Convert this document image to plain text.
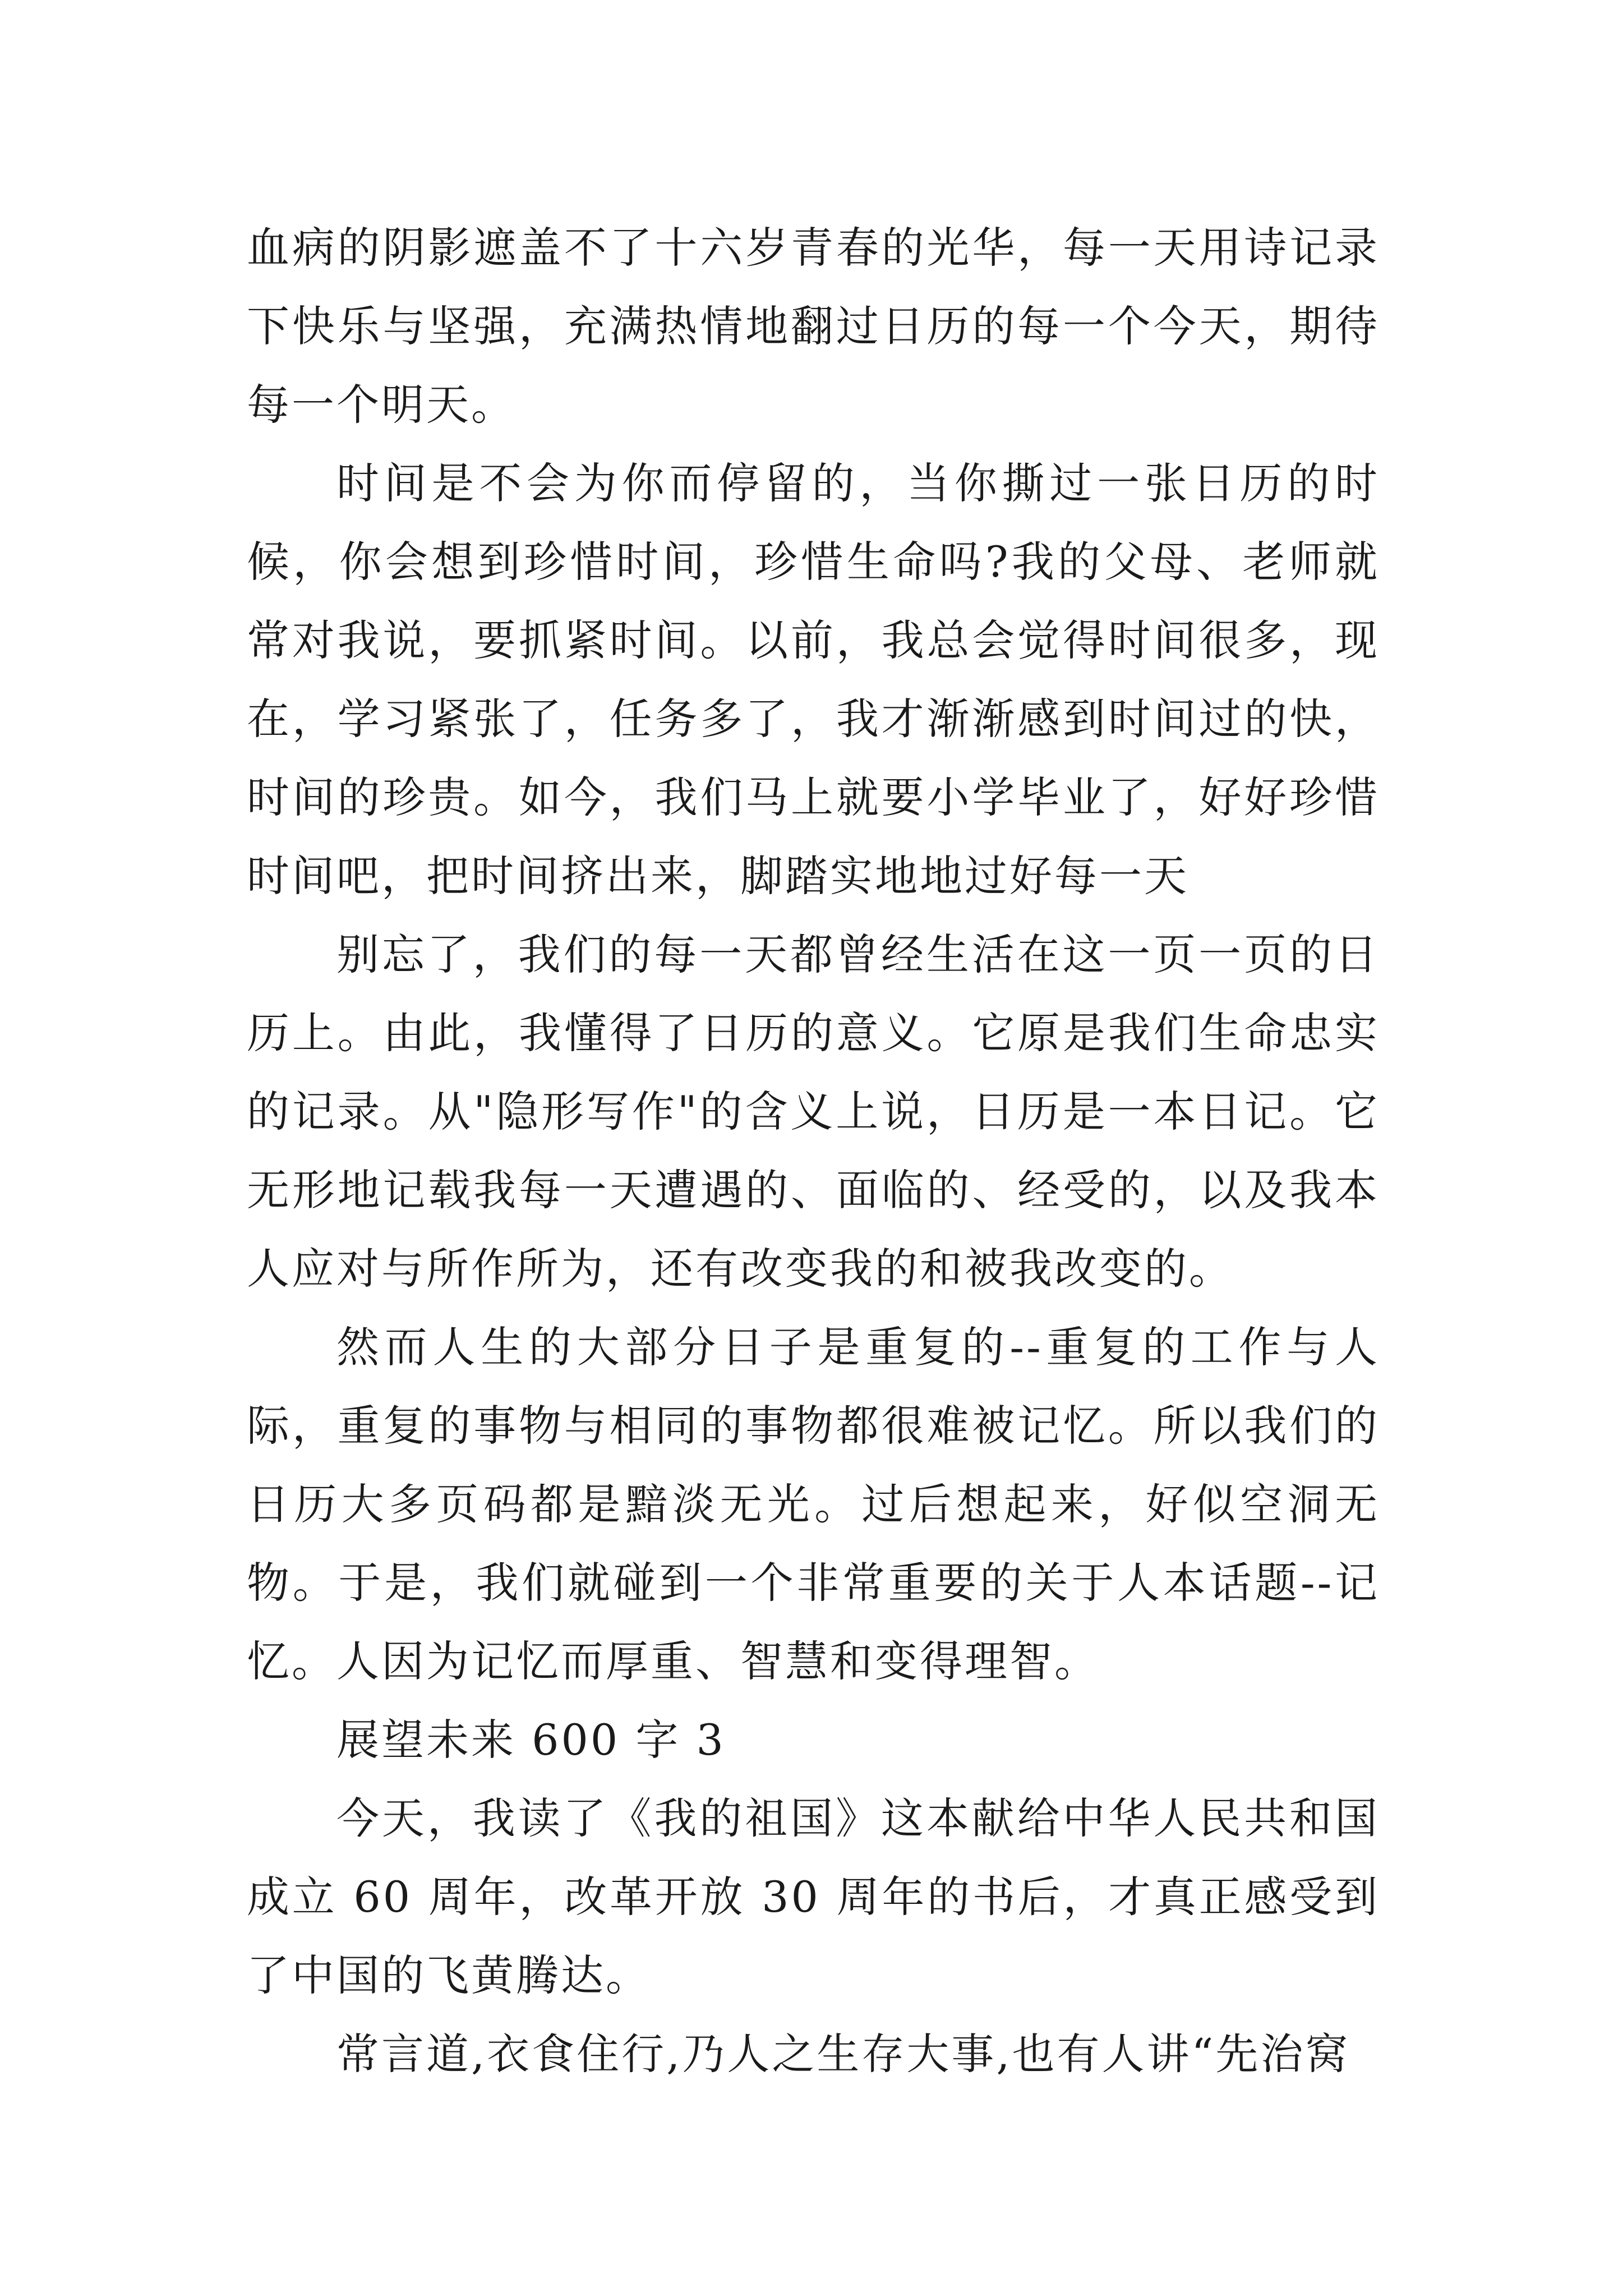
血病的阴影遮盖不了十六岁青春的光华，每一天用诗记录下快乐与坚强，充满热情地翻过日历的每一个今天，期待每一个明天。

时间是不会为你而停留的，当你撕过一张日历的时候，你会想到珍惜时间，珍惜生命吗?我的父母、老师就常对我说，要抓紧时间。以前，我总会觉得时间很多，现在，学习紧张了，任务多了，我才渐渐感到时间过的快，时间的珍贵。如今，我们马上就要小学毕业了，好好珍惜时间吧，把时间挤出来，脚踏实地地过好每一天

别忘了，我们的每一天都曾经生活在这一页一页的日历上。由此，我懂得了日历的意义。它原是我们生命忠实的记录。从"隐形写作"的含义上说，日历是一本日记。它无形地记载我每一天遭遇的、面临的、经受的，以及我本人应对与所作所为，还有改变我的和被我改变的。

然而人生的大部分日子是重复的--重复的工作与人际，重复的事物与相同的事物都很难被记忆。所以我们的日历大多页码都是黯淡无光。过后想起来，好似空洞无物。于是，我们就碰到一个非常重要的关于人本话题--记忆。人因为记忆而厚重、智慧和变得理智。

展望未来 600 字 3

今天，我读了《我的祖国》这本献给中华人民共和国成立 60 周年，改革开放 30 周年的书后，才真正感受到了中国的飞黄腾达。

常言道,衣食住行,乃人之生存大事,也有人讲“先治窝
